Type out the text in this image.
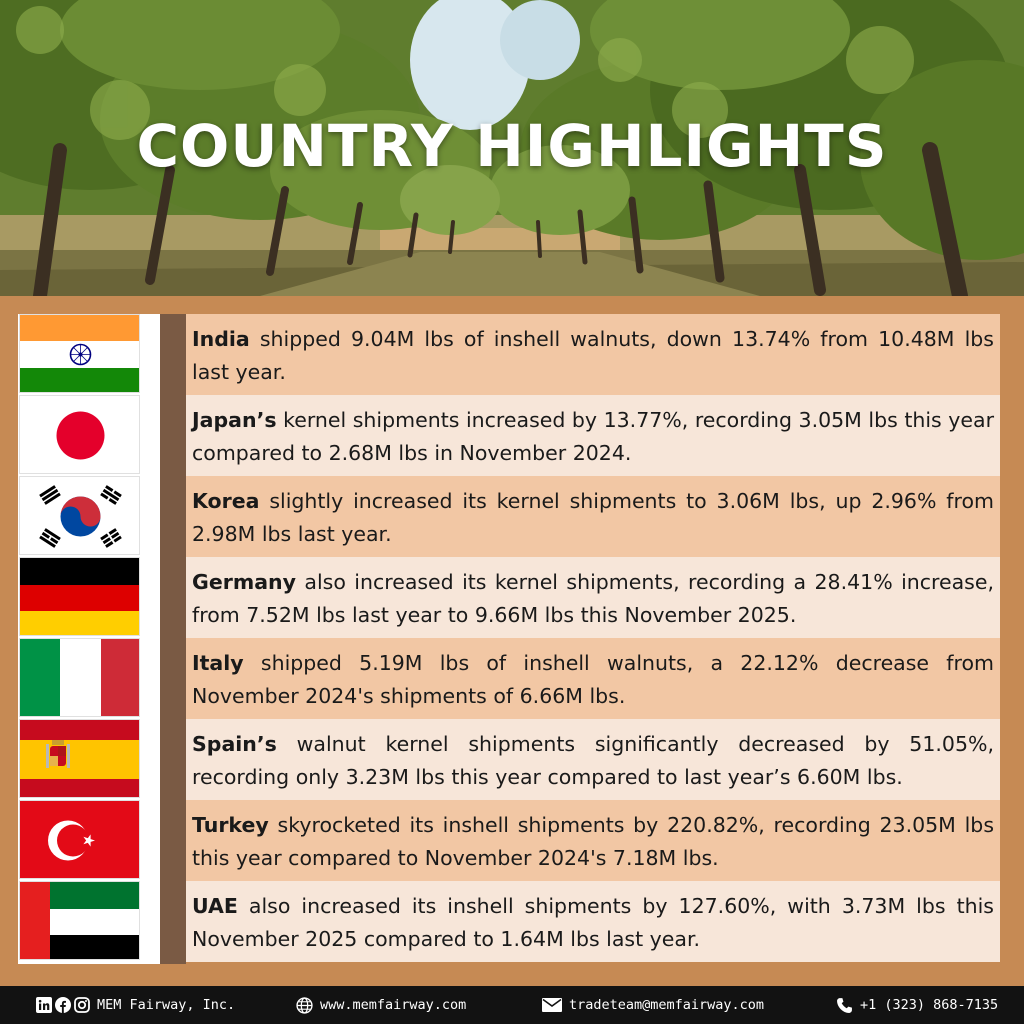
COUNTRY HIGHLIGHTS
India shipped 9.04M lbs of inshell walnuts, down 13.74% from 10.48M lbs last year.
Japan’s kernel shipments increased by 13.77%, recording 3.05M lbs this year compared to 2.68M lbs in November 2024.
Korea slightly increased its kernel shipments to 3.06M lbs, up 2.96% from 2.98M lbs last year.
Germany also increased its kernel shipments, recording a 28.41% increase, from 7.52M lbs last year to 9.66M lbs this November 2025.
Italy shipped 5.19M lbs of inshell walnuts, a 22.12% decrease from November 2024's shipments of 6.66M lbs.
Spain’s walnut kernel shipments significantly decreased by 51.05%, recording only 3.23M lbs this year compared to last year’s 6.60M lbs.
Turkey skyrocketed its inshell shipments by 220.82%, recording 23.05M lbs this year compared to November 2024's 7.18M lbs.
UAE also increased its inshell shipments by 127.60%, with 3.73M lbs this November 2025 compared to 1.64M lbs last year.
MEM Fairway, Inc.	www.memfairway.com	tradeteam@memfairway.com	+1 (323) 868-7135
